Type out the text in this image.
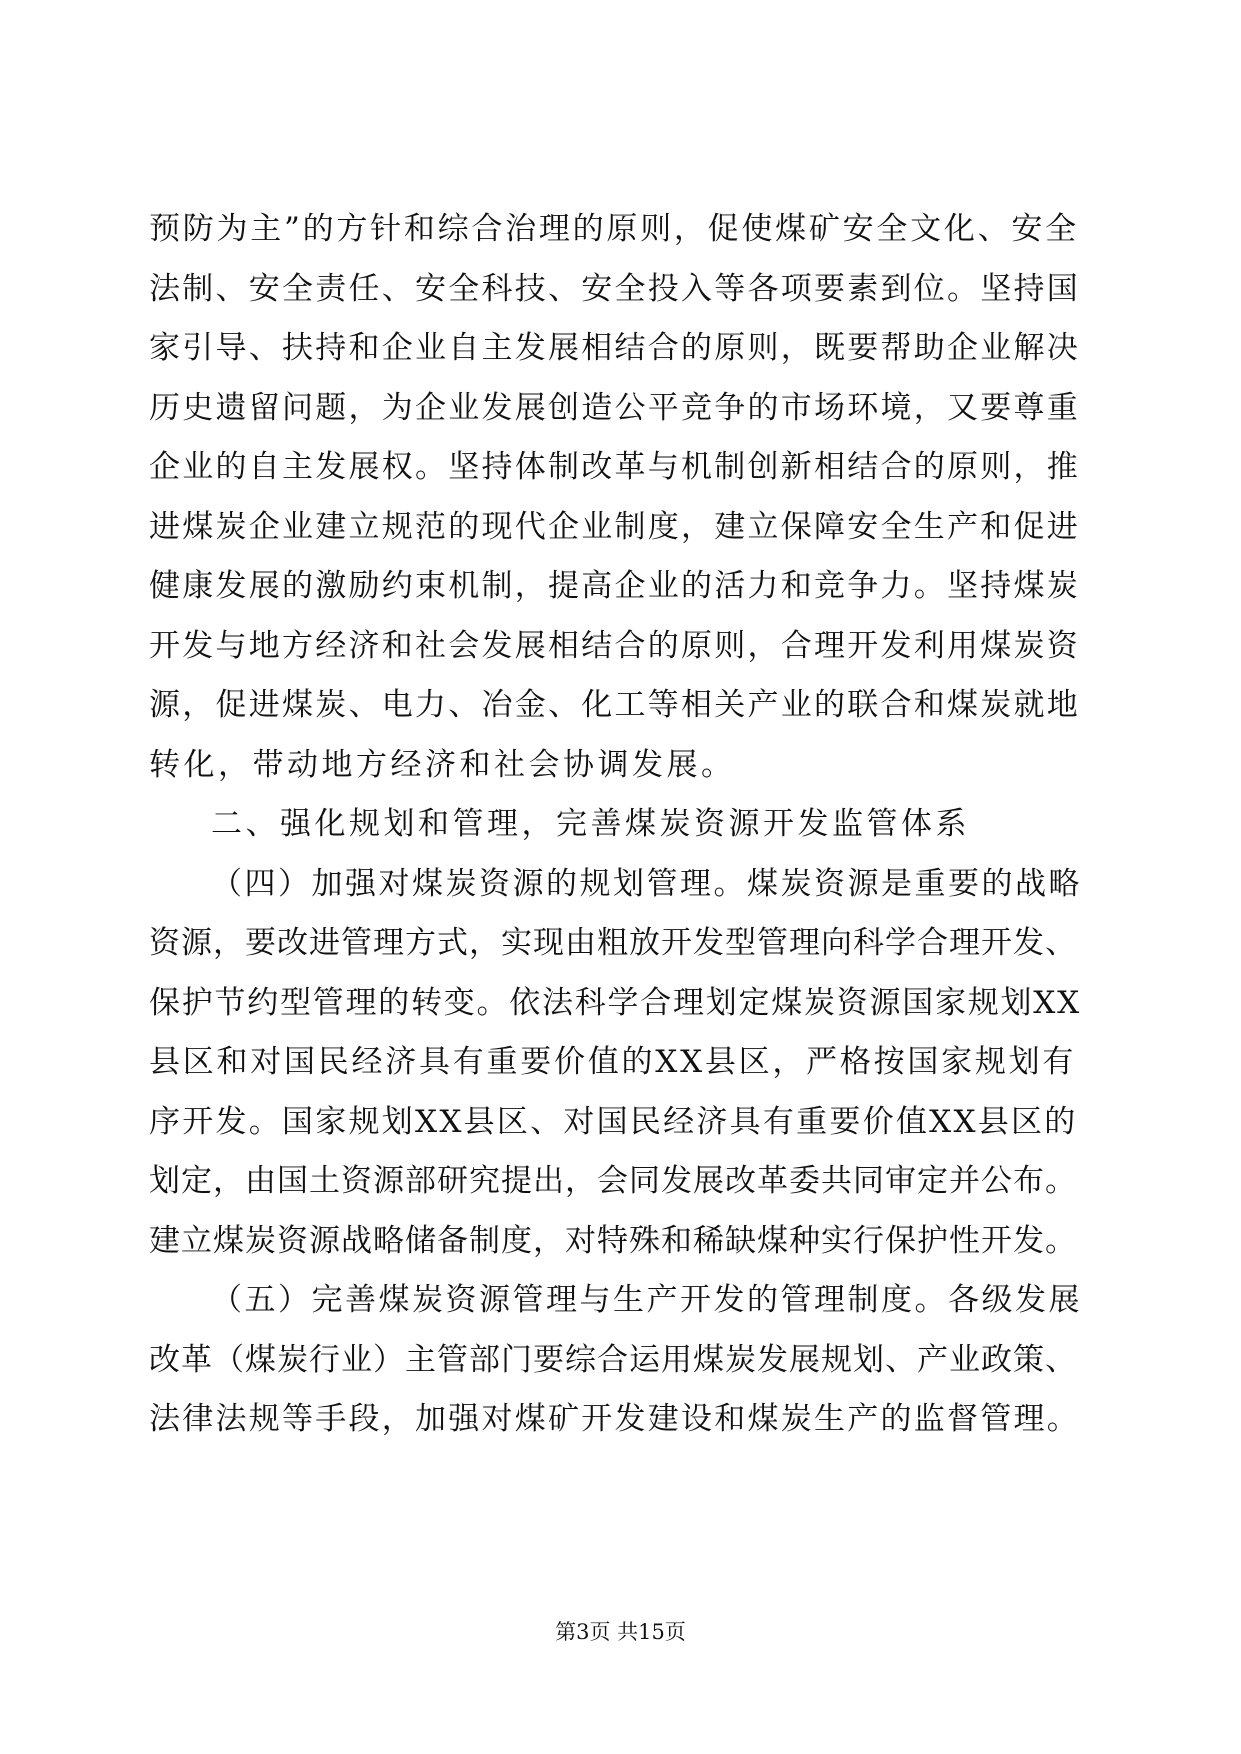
预防为主”的方针和综合治理的原则，促使煤矿安全文化、安全
法制、安全责任、安全科技、安全投入等各项要素到位。坚持国
家引导、扶持和企业自主发展相结合的原则，既要帮助企业解决
历史遗留问题，为企业发展创造公平竞争的市场环境，又要尊重
企业的自主发展权。坚持体制改革与机制创新相结合的原则，推
进煤炭企业建立规范的现代企业制度，建立保障安全生产和促进
健康发展的激励约束机制，提高企业的活力和竞争力。坚持煤炭
开发与地方经济和社会发展相结合的原则，合理开发利用煤炭资
源，促进煤炭、电力、冶金、化工等相关产业的联合和煤炭就地
转化，带动地方经济和社会协调发展。
二、强化规划和管理，完善煤炭资源开发监管体系
（四）加强对煤炭资源的规划管理。煤炭资源是重要的战略
资源，要改进管理方式，实现由粗放开发型管理向科学合理开发、
保护节约型管理的转变。依法科学合理划定煤炭资源国家规划XX
县区和对国民经济具有重要价值的XX县区，严格按国家规划有
序开发。国家规划XX县区、对国民经济具有重要价值XX县区的
划定，由国土资源部研究提出，会同发展改革委共同审定并公布。
建立煤炭资源战略储备制度，对特殊和稀缺煤种实行保护性开发。
（五）完善煤炭资源管理与生产开发的管理制度。各级发展
改革（煤炭行业）主管部门要综合运用煤炭发展规划、产业政策、
法律法规等手段，加强对煤矿开发建设和煤炭生产的监督管理。
第3页 共15页
